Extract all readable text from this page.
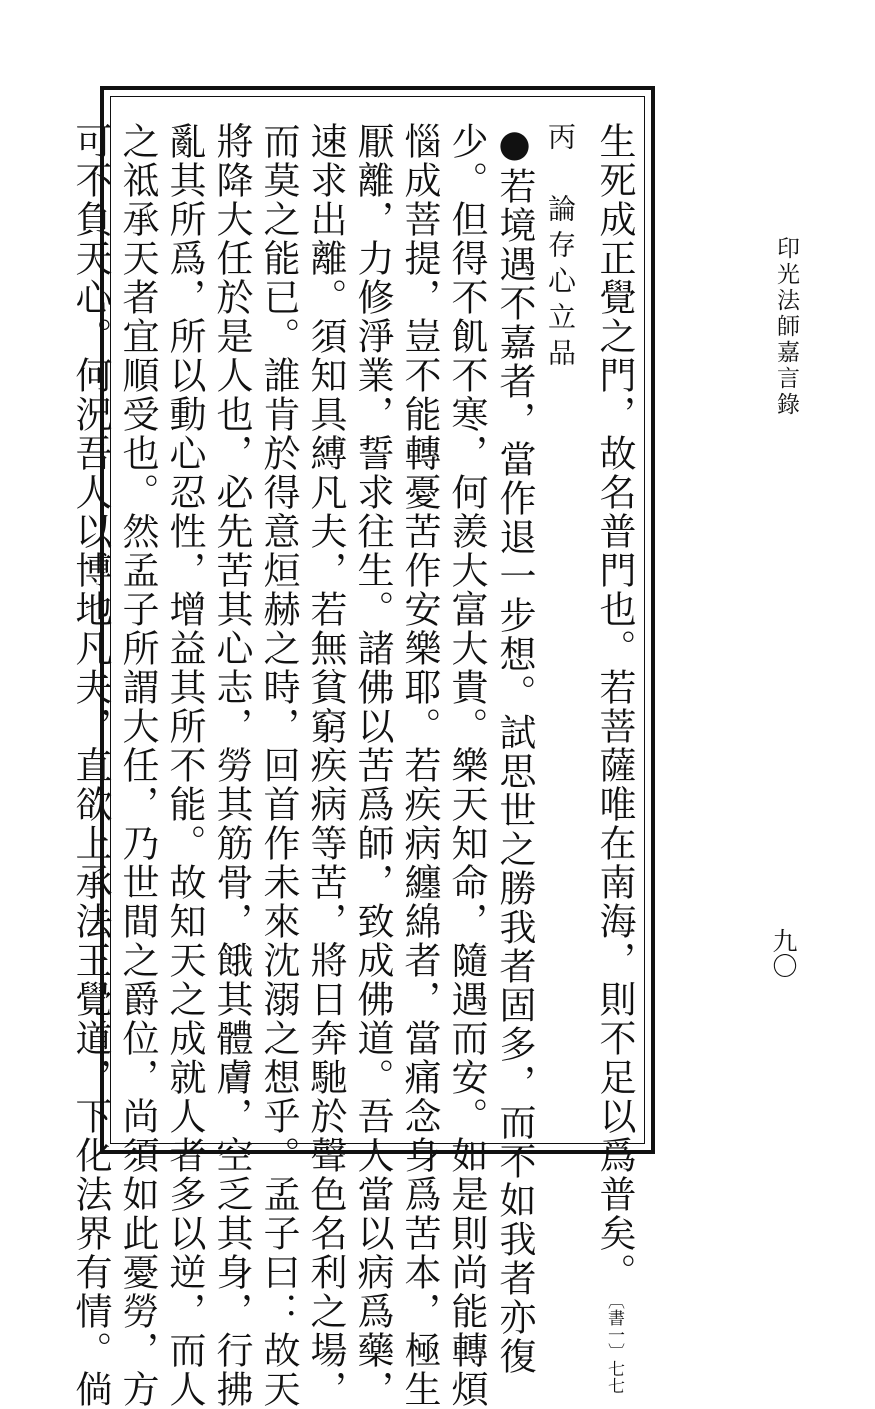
生死成正覺之門，故名普門也。若菩薩唯在南海，則不足以爲普矣。〔書一〕七七
丙　論存心立品
●若境遇不嘉者，當作退一步想。試思世之勝我者固多，而不如我者亦復
少。但得不飢不寒，何羨大富大貴。樂天知命，隨遇而安。如是則尚能轉煩
惱成菩提，豈不能轉憂苦作安樂耶。若疾病纏綿者，當痛念身爲苦本，極生
厭離，力修淨業，誓求往生。諸佛以苦爲師，致成佛道。吾人當以病爲藥，
速求出離。須知具縛凡夫，若無貧窮疾病等苦，將日奔馳於聲色名利之場，
而莫之能已。誰肯於得意烜赫之時，回首作未來沈溺之想乎。孟子曰：故天
將降大任於是人也，必先苦其心志，勞其筋骨，餓其體膚，空乏其身，行拂
亂其所爲，所以動心忍性，增益其所不能。故知天之成就人者多以逆，而人
之祗承天者宜順受也。然孟子所謂大任，乃世間之爵位，尚須如此憂勞，方
可不負天心。何況吾人以博地凡夫，直欲上承法王覺道，下化法界有情。倘	印光法師嘉言錄
九〇
